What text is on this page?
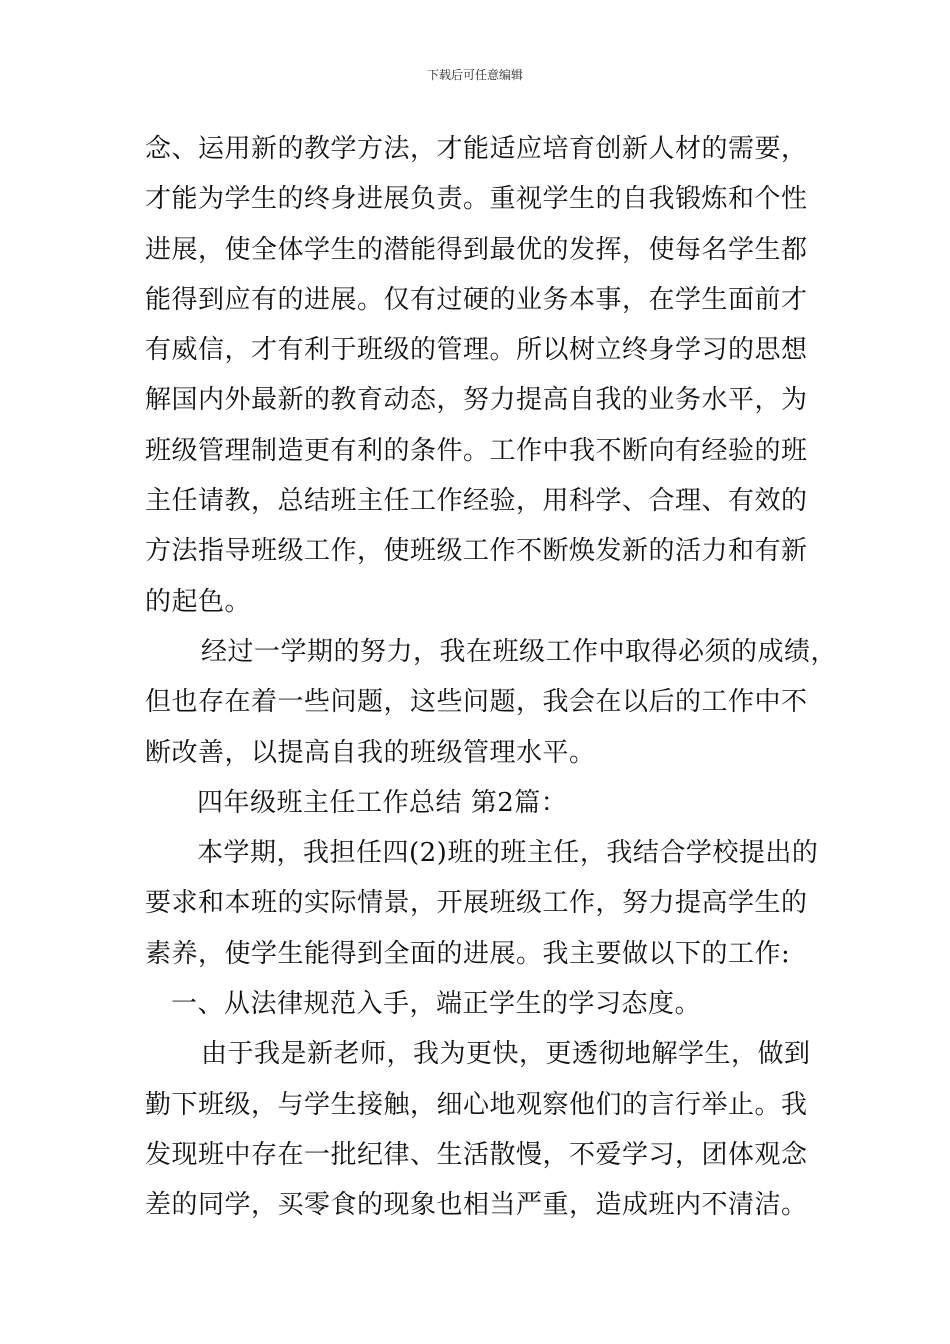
下载后可任意编辑
念、运用新的教学方法，才能适应培育创新人材的需要，
才能为学生的终身进展负责。重视学生的自我锻炼和个性
进展，使全体学生的潜能得到最优的发挥，使每名学生都
能得到应有的进展。仅有过硬的业务本事，在学生面前才
有威信，才有利于班级的管理。所以树立终身学习的思想
解国内外最新的教育动态，努力提高自我的业务水平，为
班级管理制造更有利的条件。工作中我不断向有经验的班
主任请教，总结班主任工作经验，用科学、合理、有效的
方法指导班级工作，使班级工作不断焕发新的活力和有新
的起色。
经过一学期的努力，我在班级工作中取得必须的成绩，
但也存在着一些问题，这些问题，我会在以后的工作中不
断改善，以提高自我的班级管理水平。
四年级班主任工作总结 第2篇：
本学期，我担任四(2)班的班主任，我结合学校提出的
要求和本班的实际情景，开展班级工作，努力提高学生的
素养，使学生能得到全面的进展。我主要做以下的工作:
一、从法律规范入手，端正学生的学习态度。
由于我是新老师，我为更快，更透彻地解学生，做到
勤下班级，与学生接触，细心地观察他们的言行举止。我
发现班中存在一批纪律、生活散慢，不爱学习，团体观念
差的同学，买零食的现象也相当严重，造成班内不清洁。
